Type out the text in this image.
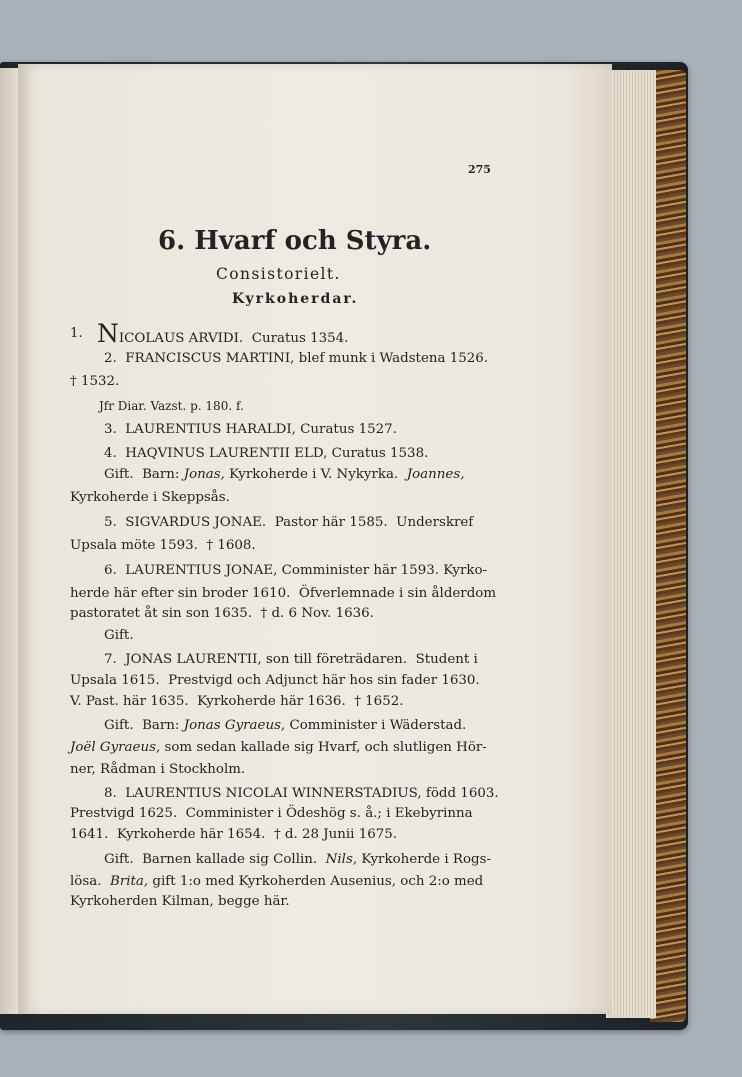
275
6. Hvarf och Styra.
Consistorielt.
Kyrkoherdar.
1. NICOLAUS ARVIDI.  Curatus 1354.
2.  FRANCISCUS MARTINI, blef munk i Wadstena 1526.
† 1532.
Jfr Diar. Vazst. p. 180. f.
3.  LAURENTIUS HARALDI, Curatus 1527.
4.  HAQVINUS LAURENTII ELD, Curatus 1538.
Gift.  Barn: Jonas, Kyrkoherde i V. Nykyrka.  Joannes,
Kyrkoherde i Skeppsås.
5.  SIGVARDUS JONAE.  Pastor här 1585.  Underskref
Upsala möte 1593.  † 1608.
6.  LAURENTIUS JONAE, Comminister här 1593. Kyrko-
herde här efter sin broder 1610.  Öfverlemnade i sin ålderdom
pastoratet åt sin son 1635.  † d. 6 Nov. 1636.
Gift.
7.  JONAS LAURENTII, son till företrädaren.  Student i
Upsala 1615.  Prestvigd och Adjunct här hos sin fader 1630.
V. Past. här 1635.  Kyrkoherde här 1636.  † 1652.
Gift.  Barn: Jonas Gyraeus, Comminister i Wäderstad.
Joël Gyraeus, som sedan kallade sig Hvarf, och slutligen Hör-
ner, Rådman i Stockholm.
8.  LAURENTIUS NICOLAI WINNERSTADIUS, född 1603.
Prestvigd 1625.  Comminister i Ödeshög s. å.; i Ekebyrinna
1641.  Kyrkoherde här 1654.  † d. 28 Junii 1675.
Gift.  Barnen kallade sig Collin.  Nils, Kyrkoherde i Rogs-
lösa.  Brita, gift 1:o med Kyrkoherden Ausenius, och 2:o med
Kyrkoherden Kilman, begge här.
